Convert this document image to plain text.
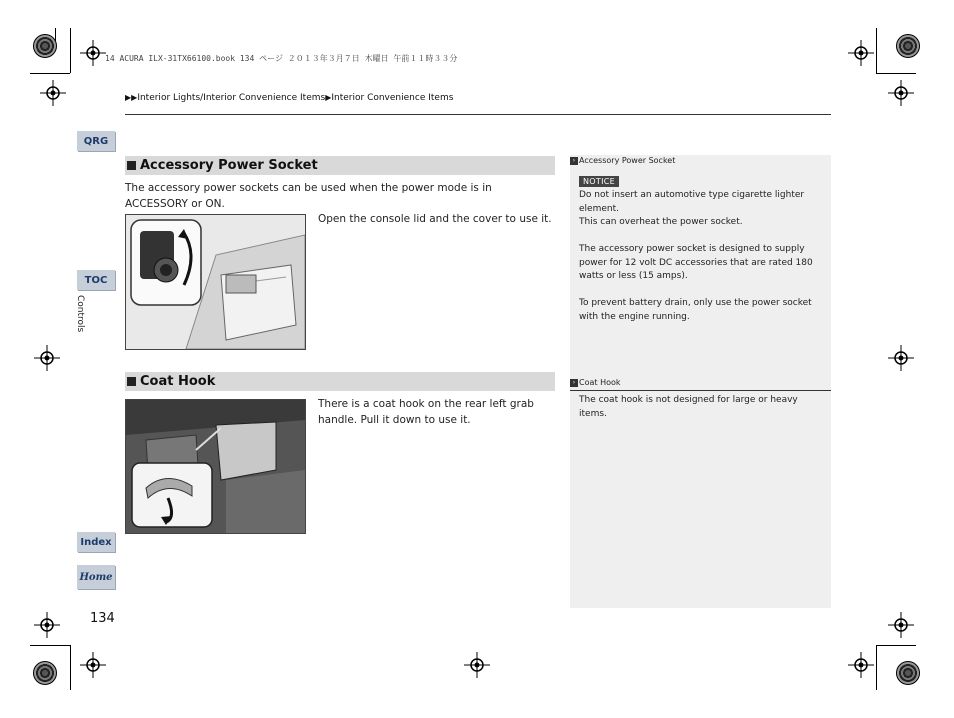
14 ACURA ILX-31TX66100.book 134 ページ ２０１３年３月７日 木曜日 午前１１時３３分
▶▶Interior Lights/Interior Convenience Items▶Interior Convenience Items
QRG
TOC
Controls
Index
Home
134
Accessory Power Socket
The accessory power sockets can be used when the power mode is in ACCESSORY or ON.
Open the console lid and the cover to use it.
Coat Hook
There is a coat hook on the rear left grab handle. Pull it down to use it.
› Accessory Power Socket
NOTICE
Do not insert an automotive type cigarette lighter element.
This can overheat the power socket.
The accessory power socket is designed to supply power for 12 volt DC accessories that are rated 180 watts or less (15 amps).
To prevent battery drain, only use the power socket with the engine running.
› Coat Hook
The coat hook is not designed for large or heavy items.
